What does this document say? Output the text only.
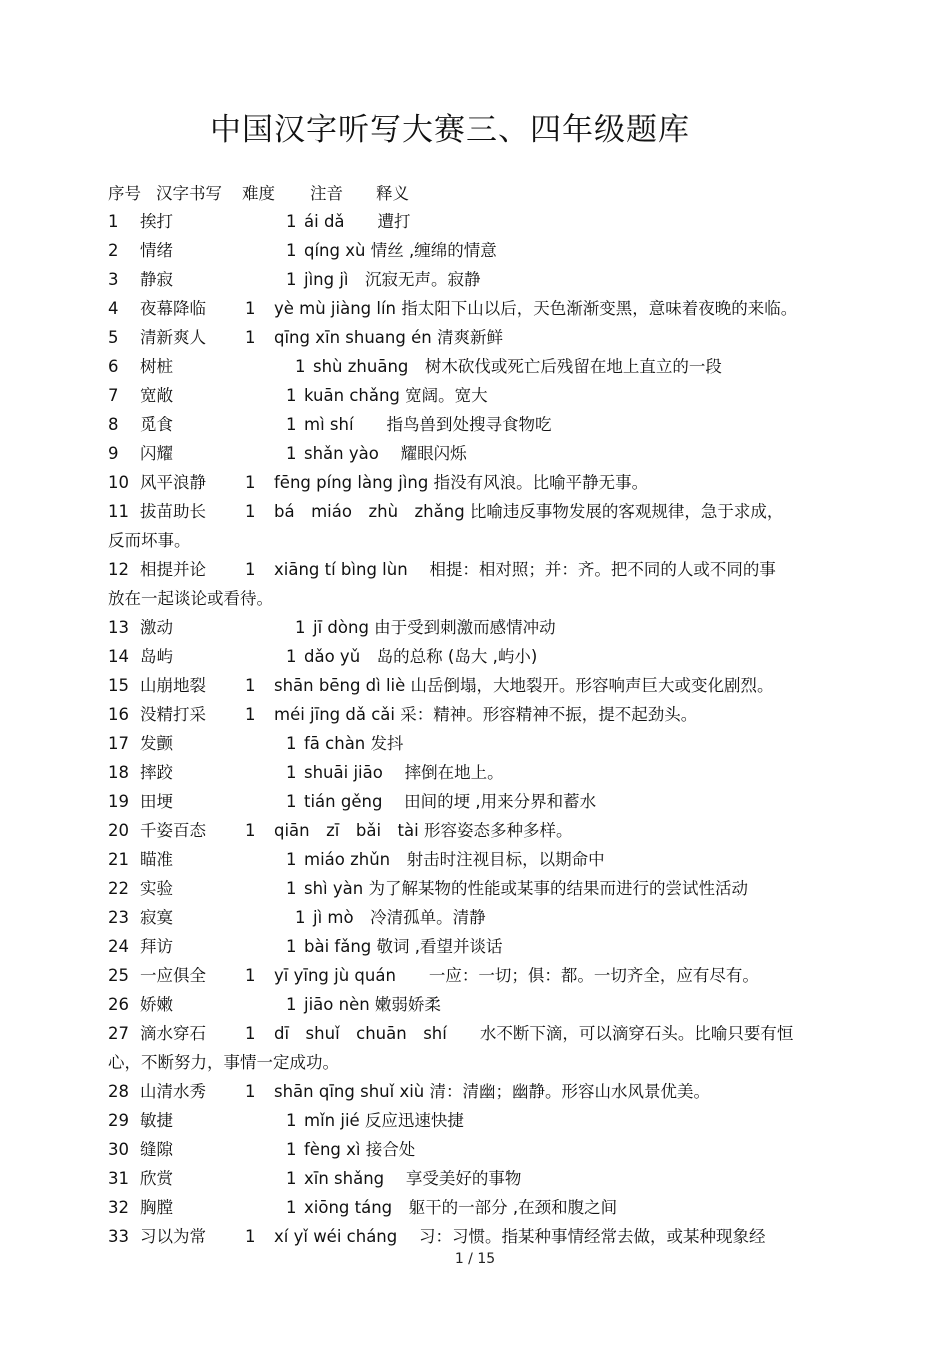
中国汉字听写大赛三、四年级题库
序号 汉字书写 难度 注音 释义
1 挨打	1 ái dǎ　　遭打
2 情绪	1 qíng xù 情丝 ,缠绵的情意
3 静寂	1 jìng jì　沉寂无声。寂静
4 夜幕降临 1 yè mù jiàng lín 指太阳下山以后，天色渐渐变黑，意味着夜晚的来临。
5 清新爽人 1 qīng xīn shuang én 清爽新鲜
6 树桩	1 shù zhuāng　树木砍伐或死亡后残留在地上直立的一段
7 宽敞	1 kuān chǎng 宽阔。宽大
8 觅食	1 mì shí　　指鸟兽到处搜寻食物吃
9 闪耀	1 shǎn yào　 耀眼闪烁
10 风平浪静 1 fēng píng làng jìng 指没有风浪。比喻平静无事。
11 拔苗助长 1 bá　miáo　zhù　zhǎng 比喻违反事物发展的客观规律，急于求成，
反而坏事。
12 相提并论 1 xiāng tí bìng lùn　 相提：相对照；并：齐。把不同的人或不同的事
放在一起谈论或看待。
13 激动	1 jī dòng 由于受到刺激而感情冲动
14 岛屿	1 dǎo yǔ　岛的总称 (岛大 ,屿小)
15 山崩地裂 1 shān bēng dì liè 山岳倒塌，大地裂开。形容响声巨大或变化剧烈。
16 没精打采 1 méi jīng dǎ cǎi 采：精神。形容精神不振，提不起劲头。
17 发颤	1 fā chàn 发抖
18 摔跤	1 shuāi jiāo　 摔倒在地上。
19 田埂	1 tián gěng　 田间的埂 ,用来分界和蓄水
20 千姿百态 1 qiān　zī　bǎi　tài 形容姿态多种多样。
21 瞄准	1 miáo zhǔn　射击时注视目标，以期命中
22 实验	1 shì yàn 为了解某物的性能或某事的结果而进行的尝试性活动
23 寂寞	1 jì mò　冷清孤单。清静
24 拜访	1 bài fǎng 敬词 ,看望并谈话
25 一应俱全 1 yī yīng jù quán　　一应：一切；俱：都。一切齐全，应有尽有。
26 娇嫩	1 jiāo nèn 嫩弱娇柔
27 滴水穿石 1 dī　shuǐ　chuān　shí　　水不断下滴，可以滴穿石头。比喻只要有恒
心，不断努力，事情一定成功。
28 山清水秀 1 shān qīng shuǐ xiù 清：清幽；幽静。形容山水风景优美。
29 敏捷	1 mǐn jié 反应迅速快捷
30 缝隙	1 fèng xì 接合处
31 欣赏	1 xīn shǎng　 享受美好的事物
32 胸膛	1 xiōng táng　躯干的一部分 ,在颈和腹之间
33 习以为常 1 xí yǐ wéi cháng　 习：习惯。指某种事情经常去做，或某种现象经
1 / 15
